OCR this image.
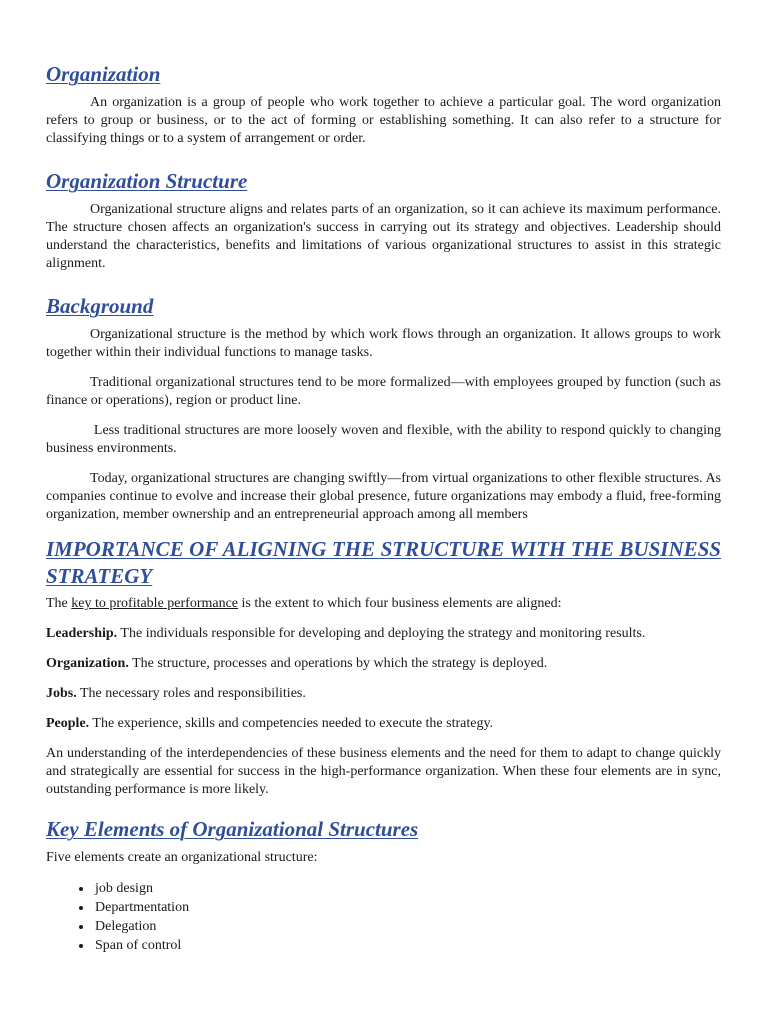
Organization

An organization is a group of people who work together to achieve a particular goal. The word organization refers to group or business, or to the act of forming or establishing something. It can also refer to a structure for classifying things or to a system of arrangement or order.

Organization Structure

Organizational structure aligns and relates parts of an organization, so it can achieve its maximum performance. The structure chosen affects an organization's success in carrying out its strategy and objectives. Leadership should understand the characteristics, benefits and limitations of various organizational structures to assist in this strategic alignment.

Background

Organizational structure is the method by which work flows through an organization. It allows groups to work together within their individual functions to manage tasks.

Traditional organizational structures tend to be more formalized—with employees grouped by function (such as finance or operations), region or product line.

Less traditional structures are more loosely woven and flexible, with the ability to respond quickly to changing business environments.

Today, organizational structures are changing swiftly—from virtual organizations to other flexible structures. As companies continue to evolve and increase their global presence, future organizations may embody a fluid, free-forming organization, member ownership and an entrepreneurial approach among all members

IMPORTANCE OF ALIGNING THE STRUCTURE WITH THE BUSINESS STRATEGY

The key to profitable performance is the extent to which four business elements are aligned:

Leadership. The individuals responsible for developing and deploying the strategy and monitoring results.

Organization. The structure, processes and operations by which the strategy is deployed.

Jobs. The necessary roles and responsibilities.

People. The experience, skills and competencies needed to execute the strategy.

An understanding of the interdependencies of these business elements and the need for them to adapt to change quickly and strategically are essential for success in the high-performance organization. When these four elements are in sync, outstanding performance is more likely.

Key Elements of Organizational Structures

Five elements create an organizational structure:

• job design
• Departmentation
• Delegation
• Span of control
